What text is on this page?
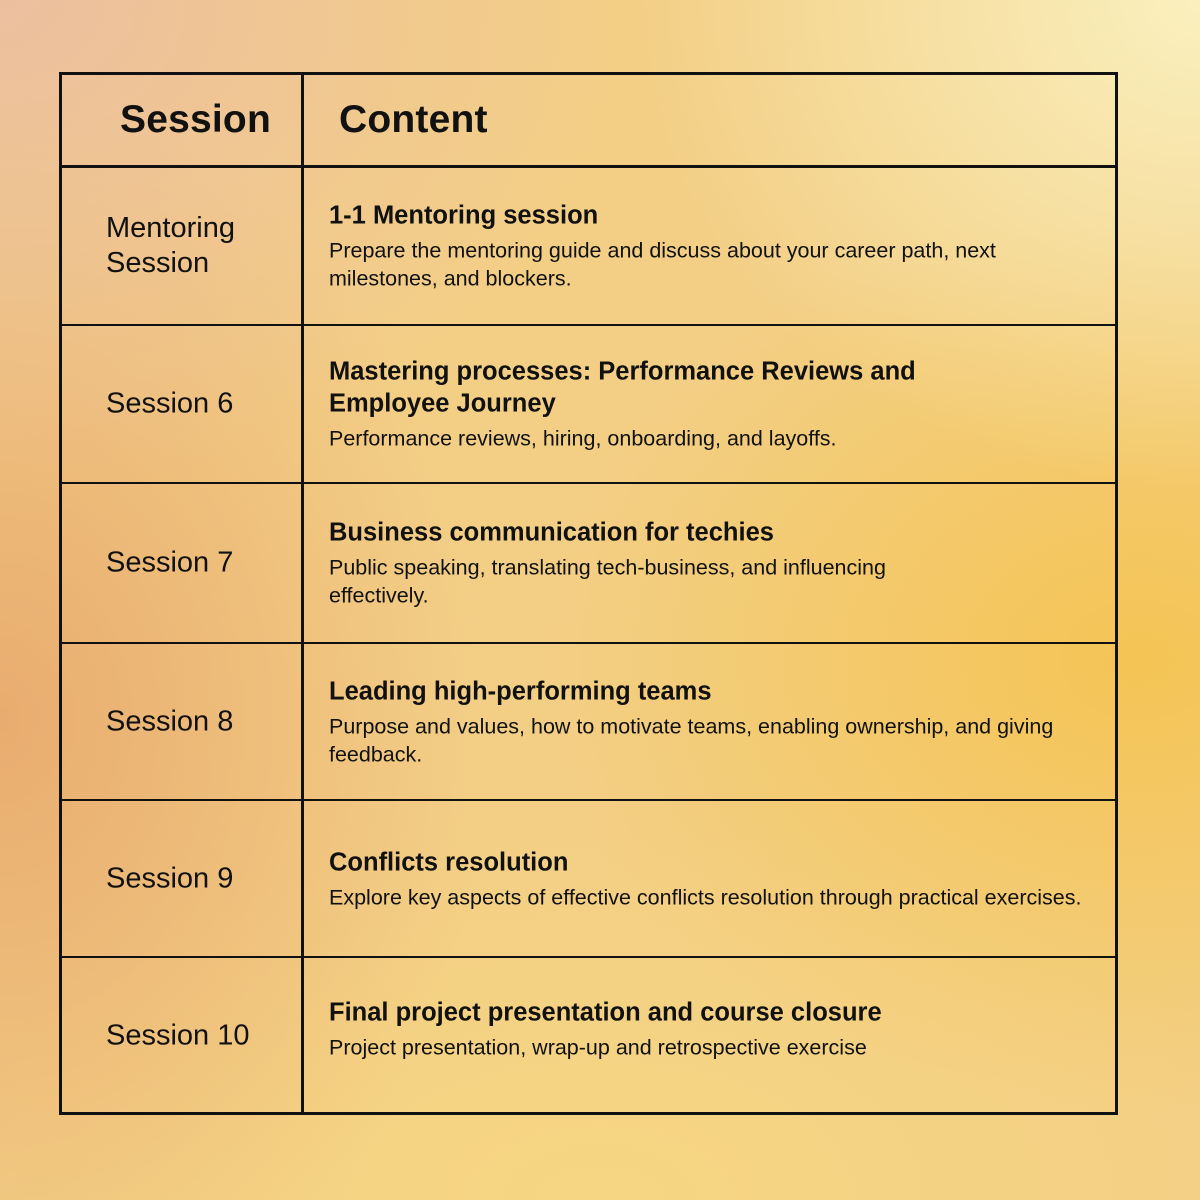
Session Content
Mentoring Session
1-1 Mentoring session
Prepare the mentoring guide and discuss about your career path, next milestones, and blockers.
Session 6
Mastering processes: Performance Reviews and Employee Journey
Performance reviews, hiring, onboarding, and layoffs.
Session 7
Business communication for techies
Public speaking, translating tech-business, and influencing effectively.
Session 8
Leading high-performing teams
Purpose and values, how to motivate teams, enabling ownership, and giving feedback.
Session 9	Conflicts resolution
Explore key aspects of effective conflicts resolution through practical exercises.
Session 10
Final project presentation and course closure
Project presentation, wrap-up and retrospective exercise
